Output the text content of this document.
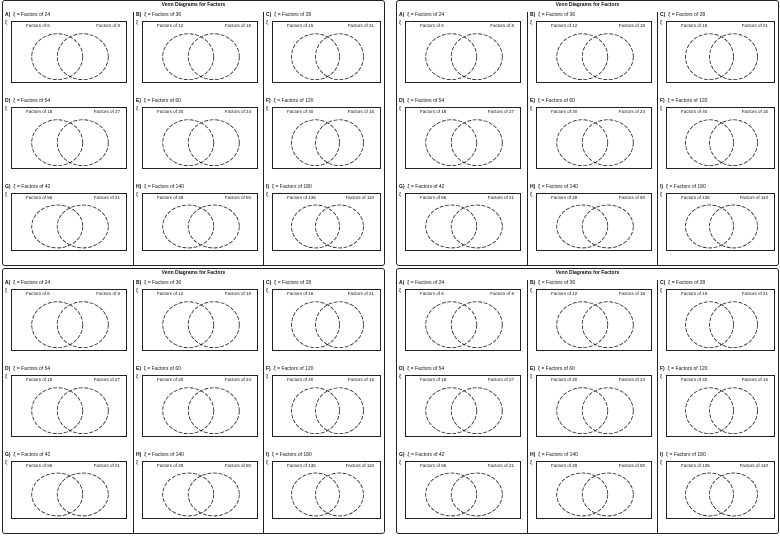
Venn Diagrams for Factors
A) ξ = Factors of 24
ξ	Factors of 6	Factors of 8
B) ξ = Factors of 36
ξ	Factors of 12	Factors of 18
C) ξ = Factors of 28
ξ	Factors of 16	Factors of 21
D) ξ = Factors of 54
ξ	Factors of 18	Factors of 27
E) ξ = Factors of 60
ξ	Factors of 20	Factors of 24
F) ξ = Factors of 120
ξ	Factors of 40	Factors of 15
G) ξ = Factors of 42
ξ	Factors of 56	Factors of 21
H) ξ = Factors of 140
ξ	Factors of 28	Factors of 50
I) ξ = Factors of 180
ξ	Factors of 135	Factors of 110
Venn Diagrams for Factors
A) ξ = Factors of 24
ξ	Factors of 6	Factors of 8
B) ξ = Factors of 36
ξ	Factors of 12	Factors of 18
C) ξ = Factors of 28
ξ	Factors of 16	Factors of 21
D) ξ = Factors of 54
ξ	Factors of 18	Factors of 27
E) ξ = Factors of 60
ξ	Factors of 20	Factors of 24
F) ξ = Factors of 120
ξ	Factors of 40	Factors of 15
G) ξ = Factors of 42
ξ	Factors of 56	Factors of 21
H) ξ = Factors of 140
ξ	Factors of 28	Factors of 50
I) ξ = Factors of 180
ξ	Factors of 135	Factors of 110
Venn Diagrams for Factors
A) ξ = Factors of 24
ξ	Factors of 6	Factors of 8
B) ξ = Factors of 36
ξ	Factors of 12	Factors of 18
C) ξ = Factors of 28
ξ	Factors of 16	Factors of 21
D) ξ = Factors of 54
ξ	Factors of 18	Factors of 27
E) ξ = Factors of 60
ξ	Factors of 20	Factors of 24
F) ξ = Factors of 120
ξ	Factors of 40	Factors of 15
G) ξ = Factors of 42
ξ	Factors of 56	Factors of 21
H) ξ = Factors of 140
ξ	Factors of 28	Factors of 50
I) ξ = Factors of 180
ξ	Factors of 135	Factors of 110
Venn Diagrams for Factors
A) ξ = Factors of 24
ξ	Factors of 6	Factors of 8
B) ξ = Factors of 36
ξ	Factors of 12	Factors of 18
C) ξ = Factors of 28
ξ	Factors of 16	Factors of 21
D) ξ = Factors of 54
ξ	Factors of 18	Factors of 27
E) ξ = Factors of 60
ξ	Factors of 20	Factors of 24
F) ξ = Factors of 120
ξ	Factors of 40	Factors of 15
G) ξ = Factors of 42
ξ	Factors of 56	Factors of 21
H) ξ = Factors of 140
ξ	Factors of 28	Factors of 50
I) ξ = Factors of 180
ξ	Factors of 135	Factors of 110
